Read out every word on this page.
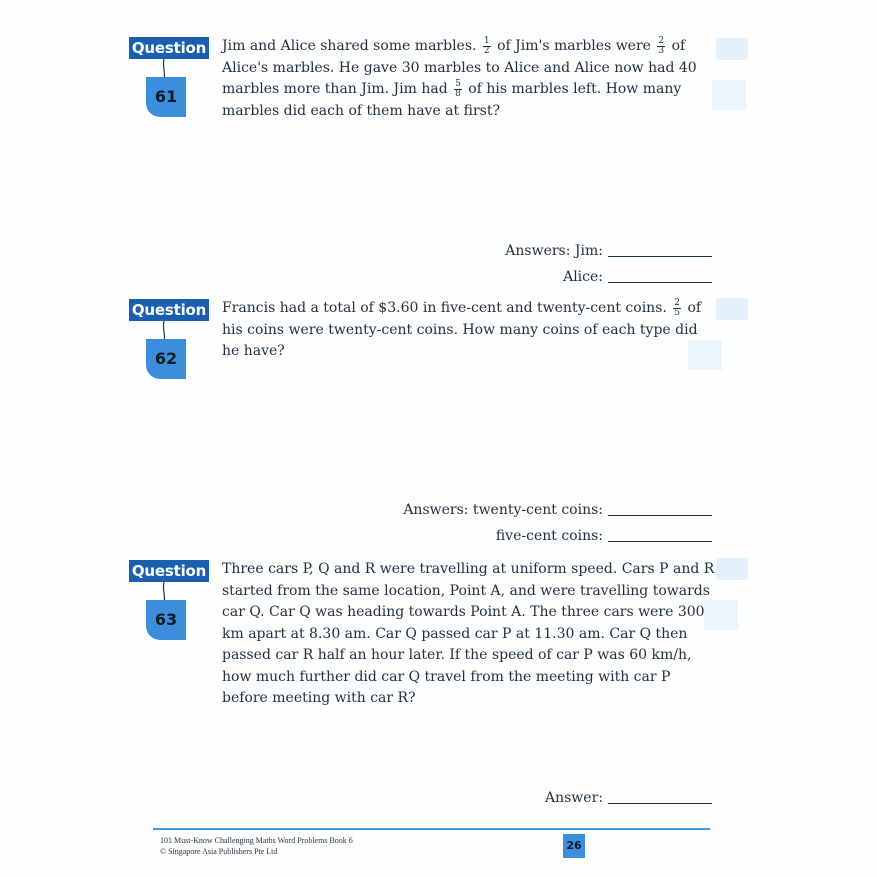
Question
61
Jim and Alice shared some marbles. $\frac{1}{2}$ of Jim's marbles were $\frac{2}{3}$ of Alice's marbles. He gave 30 marbles to Alice and Alice now had 40 marbles more than Jim. Jim had $\frac{5}{8}$ of his marbles left. How many marbles did each of them have at first?
Answers: Jim:
Alice:
Question
62
Francis had a total of $3.60 in five-cent and twenty-cent coins. $\frac{2}{5}$ of his coins were twenty-cent coins. How many coins of each type did he have?
Answers: twenty-cent coins:
five-cent coins:
Question
63
Three cars P, Q and R were travelling at uniform speed. Cars P and R started from the same location, Point A, and were travelling towards car Q. Car Q was heading towards Point A. The three cars were 300 km apart at 8.30 am. Car Q passed car P at 11.30 am. Car Q then passed car R half an hour later. If the speed of car P was 60 km/h, how much further did car Q travel from the meeting with car P before meeting with car R?
Answer:
101 Must-Know Challenging Maths Word Problems Book 6
© Singapore Asia Publishers Pte Ltd	26
